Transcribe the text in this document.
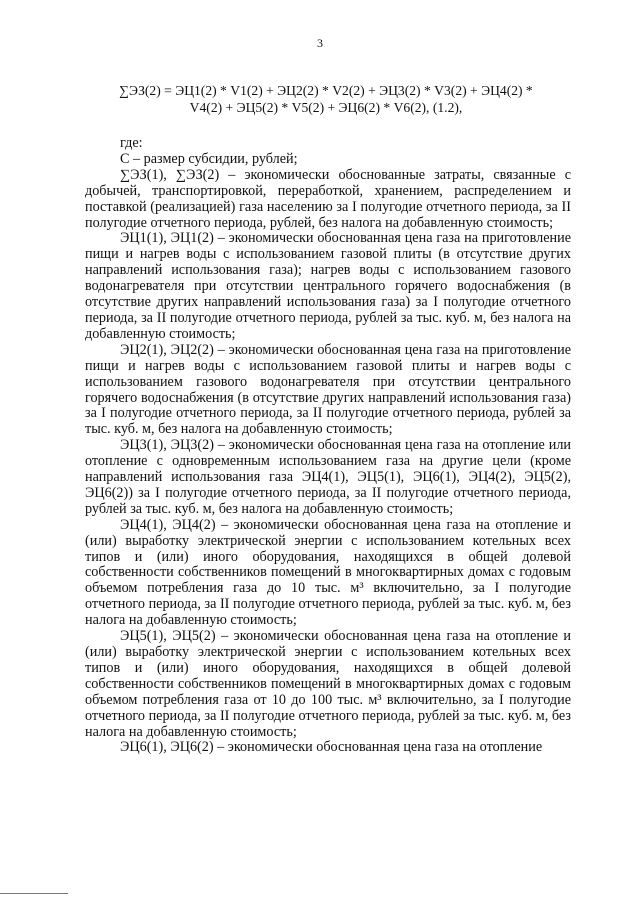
3
∑ЭЗ(2) = ЭЦ1(2) * V1(2) + ЭЦ2(2) * V2(2) + ЭЦ3(2) * V3(2) + ЭЦ4(2) *
V4(2) + ЭЦ5(2) * V5(2) + ЭЦ6(2) * V6(2), (1.2),

где:

С – размер субсидии, рублей;

∑ЭЗ(1), ∑ЭЗ(2) – экономически обоснованные затраты, связанные с добычей, транспортировкой, переработкой, хранением, распределением и поставкой (реализацией) газа населению за I полугодие отчетного периода, за II полугодие отчетного периода, рублей, без налога на добавленную стоимость;

ЭЦ1(1), ЭЦ1(2) – экономически обоснованная цена газа на приготовление пищи и нагрев воды с использованием газовой плиты (в отсутствие других направлений использования газа); нагрев воды с использованием газового водонагревателя при отсутствии центрального горячего водоснабжения (в отсутствие других направлений использования газа) за I полугодие отчетного периода, за II полугодие отчетного периода, рублей за тыс. куб. м, без налога на добавленную стоимость;

ЭЦ2(1), ЭЦ2(2) – экономически обоснованная цена газа на приготовление пищи и нагрев воды с использованием газовой плиты и нагрев воды с использованием газового водонагревателя при отсутствии центрального горячего водоснабжения (в отсутствие других направлений использования газа) за I полугодие отчетного периода, за II полугодие отчетного периода, рублей за тыс. куб. м, без налога на добавленную стоимость;

ЭЦ3(1), ЭЦ3(2) – экономически обоснованная цена газа на отопление или отопление с одновременным использованием газа на другие цели (кроме направлений использования газа ЭЦ4(1), ЭЦ5(1), ЭЦ6(1), ЭЦ4(2), ЭЦ5(2), ЭЦ6(2)) за I полугодие отчетного периода, за II полугодие отчетного периода, рублей за тыс. куб. м, без налога на добавленную стоимость;

ЭЦ4(1), ЭЦ4(2) – экономически обоснованная цена газа на отопление и (или) выработку электрической энергии с использованием котельных всех типов и (или) иного оборудования, находящихся в общей долевой собственности собственников помещений в многоквартирных домах с годовым объемом потребления газа до 10 тыс. м³ включительно, за I полугодие отчетного периода, за II полугодие отчетного периода, рублей за тыс. куб. м, без налога на добавленную стоимость;

ЭЦ5(1), ЭЦ5(2) – экономически обоснованная цена газа на отопление и (или) выработку электрической энергии с использованием котельных всех типов и (или) иного оборудования, находящихся в общей долевой собственности собственников помещений в многоквартирных домах с годовым объемом потребления газа от 10 до 100 тыс. м³ включительно, за I полугодие отчетного периода, за II полугодие отчетного периода, рублей за тыс. куб. м, без налога на добавленную стоимость;

ЭЦ6(1), ЭЦ6(2) – экономически обоснованная цена газа на отопление
